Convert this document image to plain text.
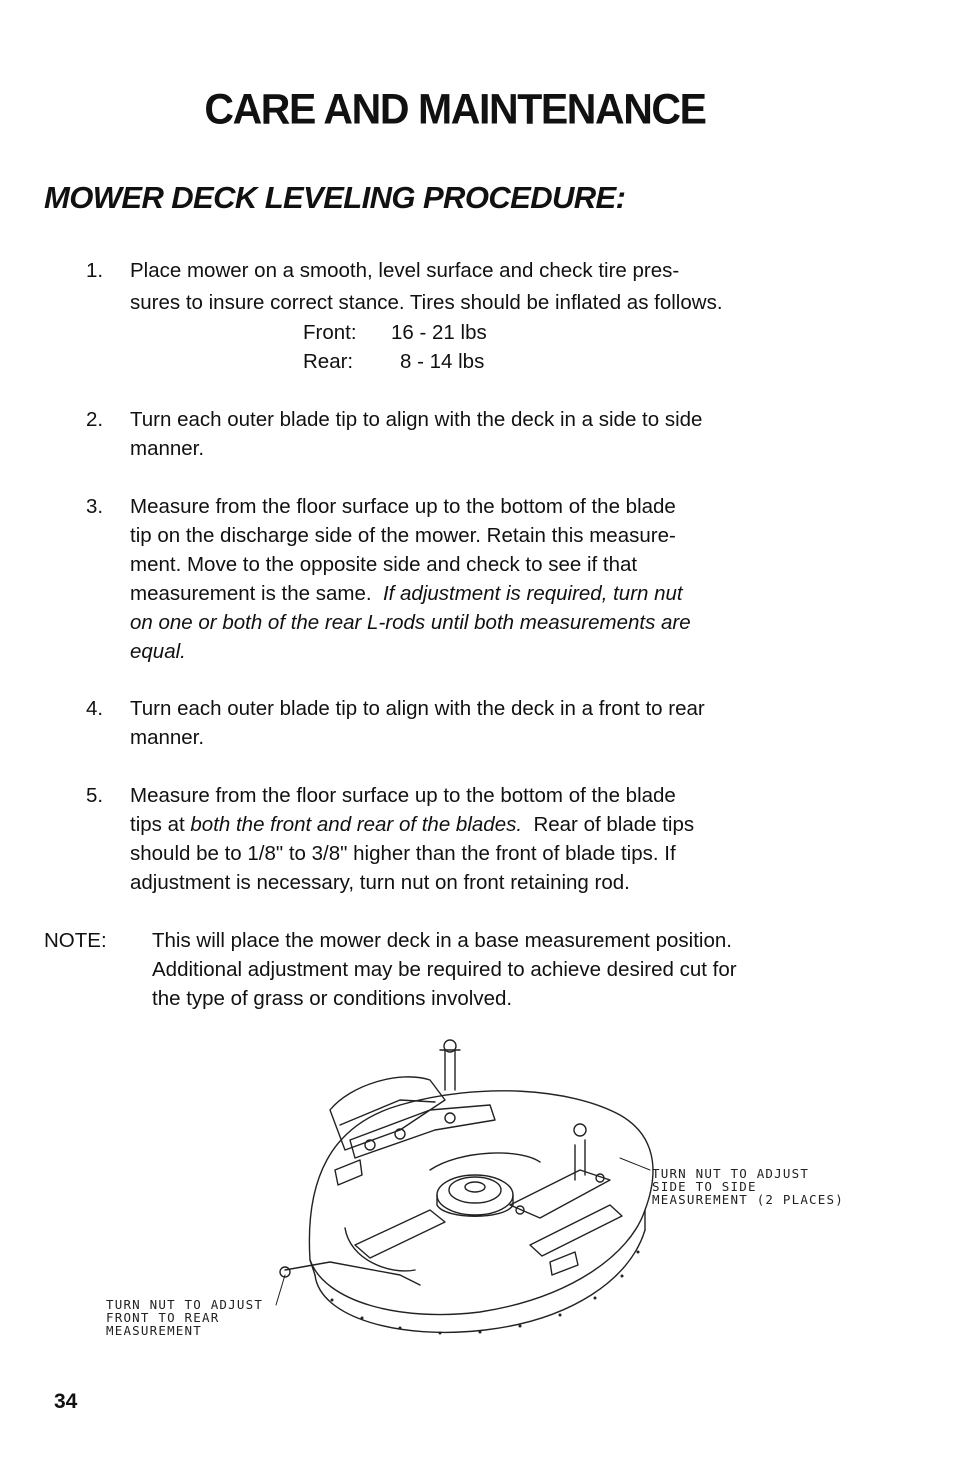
CARE AND MAINTENANCE
MOWER DECK LEVELING PROCEDURE:
1.	Place mower on a smooth, level surface and check tire pres-
sures to insure correct stance. Tires should be inflated as follows.
Front: 16 - 21 lbs
Rear: 8 - 14 lbs
2.	Turn each outer blade tip to align with the deck in a side to side
manner.
3.	Measure from the floor surface up to the bottom of the blade
tip on the discharge side of the mower. Retain this measure-
ment. Move to the opposite side and check to see if that
measurement is the same.  If adjustment is required, turn nut
on one or both of the rear L-rods until both measurements are
equal.
4.	Turn each outer blade tip to align with the deck in a front to rear
manner.
5.	Measure from the floor surface up to the bottom of the blade
tips at both the front and rear of the blades.  Rear of blade tips
should be to 1/8" to 3/8" higher than the front of blade tips. If
adjustment is necessary, turn nut on front retaining rod.
NOTE: This will place the mower deck in a base measurement position.
Additional adjustment may be required to achieve desired cut for
the type of grass or conditions involved.
TURN NUT TO ADJUST
SIDE TO SIDE
MEASUREMENT (2 PLACES)
TURN NUT TO ADJUST
FRONT TO REAR
MEASUREMENT
34
